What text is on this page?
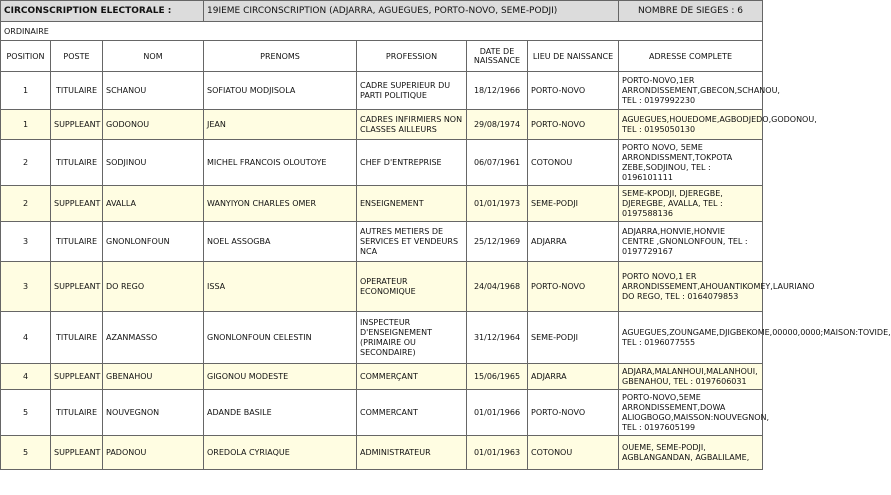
CIRCONSCRIPTION ELECTORALE :			19IEME CIRCONSCRIPTION (ADJARRA, AGUEGUES, PORTO-NOVO, SEME-PODJI)				NOMBRE DE SIEGES : 6
ORDINAIRE							
POSITION	POSTE	NOM	PRENOMS	PROFESSION	DATE DE NAISSANCE	LIEU DE NAISSANCE	ADRESSE COMPLETE
1	TITULAIRE	SCHANOU	SOFIATOU MODJISOLA	CADRE SUPERIEUR DU PARTI POLITIQUE	18/12/1966	PORTO-NOVO	PORTO-NOVO,1ER ARRONDISSEMENT,GBECON,SCHANOU, TEL : 0197992230
1	SUPPLEANT	GODONOU	JEAN	CADRES INFIRMIERS NON CLASSES AILLEURS	29/08/1974	PORTO-NOVO	AGUEGUES,HOUEDOME,AGBODJEDO,GODONOU, TEL : 0195050130
2	TITULAIRE	SODJINOU	MICHEL FRANCOIS OLOUTOYE	CHEF D'ENTREPRISE	06/07/1961	COTONOU	PORTO NOVO, 5EME ARRONDISSMENT,TOKPOTA ZEBE,SODJINOU, TEL : 0196101111
2	SUPPLEANT	AVALLA	WANYIYON CHARLES OMER	ENSEIGNEMENT	01/01/1973	SEME-PODJI	SEME-KPODJI, DJEREGBE, DJEREGBE, AVALLA, TEL : 0197588136
3	TITULAIRE	GNONLONFOUN	NOEL ASSOGBA	AUTRES METIERS DE SERVICES ET VENDEURS NCA	25/12/1969	ADJARRA	ADJARRA,HONVIE,HONVIE CENTRE ,GNONLONFOUN, TEL : 0197729167
3	SUPPLEANT	DO REGO	ISSA	OPERATEUR ECONOMIQUE	24/04/1968	PORTO-NOVO	PORTO NOVO,1 ER ARRONDISSEMENT,AHOUANTIKOMEY,LAURIANO DO REGO, TEL : 0164079853
4	TITULAIRE	AZANMASSO	GNONLONFOUN CELESTIN	INSPECTEUR D'ENSEIGNEMENT (PRIMAIRE OU SECONDAIRE)	31/12/1964	SEME-PODJI	AGUEGUES,ZOUNGAME,DJIGBEKOME,00000,0000;MAISON:TOVIDE, TEL : 0196077555
4	SUPPLEANT	GBENAHOU	GIGONOU MODESTE	COMMERÇANT	15/06/1965	ADJARRA	ADJARA,MALANHOUI,MALANHOUI, GBENAHOU, TEL : 0197606031
5	TITULAIRE	NOUVEGNON	ADANDE BASILE	COMMERCANT	01/01/1966	PORTO-NOVO	PORTO-NOVO,5EME ARRONDISSEMENT,DOWA ALIOGBOGO,MAISSON:NOUVEGNON, TEL : 0197605199
5	SUPPLEANT	PADONOU	OREDOLA CYRIAQUE	ADMINISTRATEUR	01/01/1963	COTONOU	OUEME, SEME-PODJI, AGBLANGANDAN, AGBALILAME,
